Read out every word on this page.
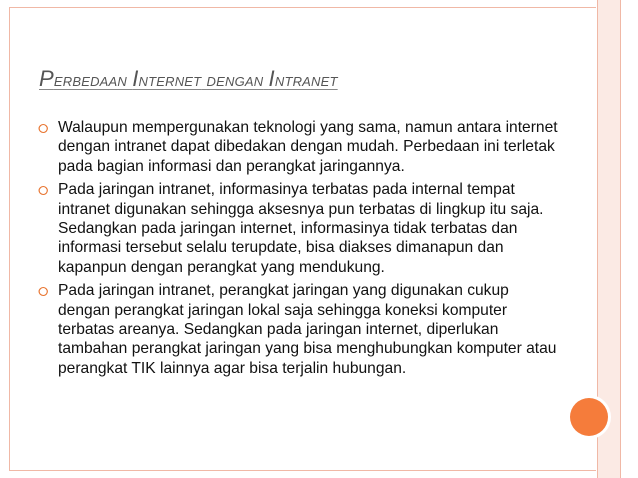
Perbedaan Internet dengan Intranet
⭘ Walaupun mempergunakan teknologi yang sama, namun antara internet dengan intranet dapat dibedakan dengan mudah. Perbedaan ini terletak pada bagian informasi dan perangkat jaringannya.
⭘ Pada jaringan intranet, informasinya terbatas pada internal tempat intranet digunakan sehingga aksesnya pun terbatas di lingkup itu saja. Sedangkan pada jaringan internet, informasinya tidak terbatas dan informasi tersebut selalu terupdate, bisa diakses dimanapun dan kapanpun dengan perangkat yang mendukung.
⭘ Pada jaringan intranet, perangkat jaringan yang digunakan cukup dengan perangkat jaringan lokal saja sehingga koneksi komputer terbatas areanya. Sedangkan pada jaringan internet, diperlukan tambahan perangkat jaringan yang bisa menghubungkan komputer atau perangkat TIK lainnya agar bisa terjalin hubungan.
